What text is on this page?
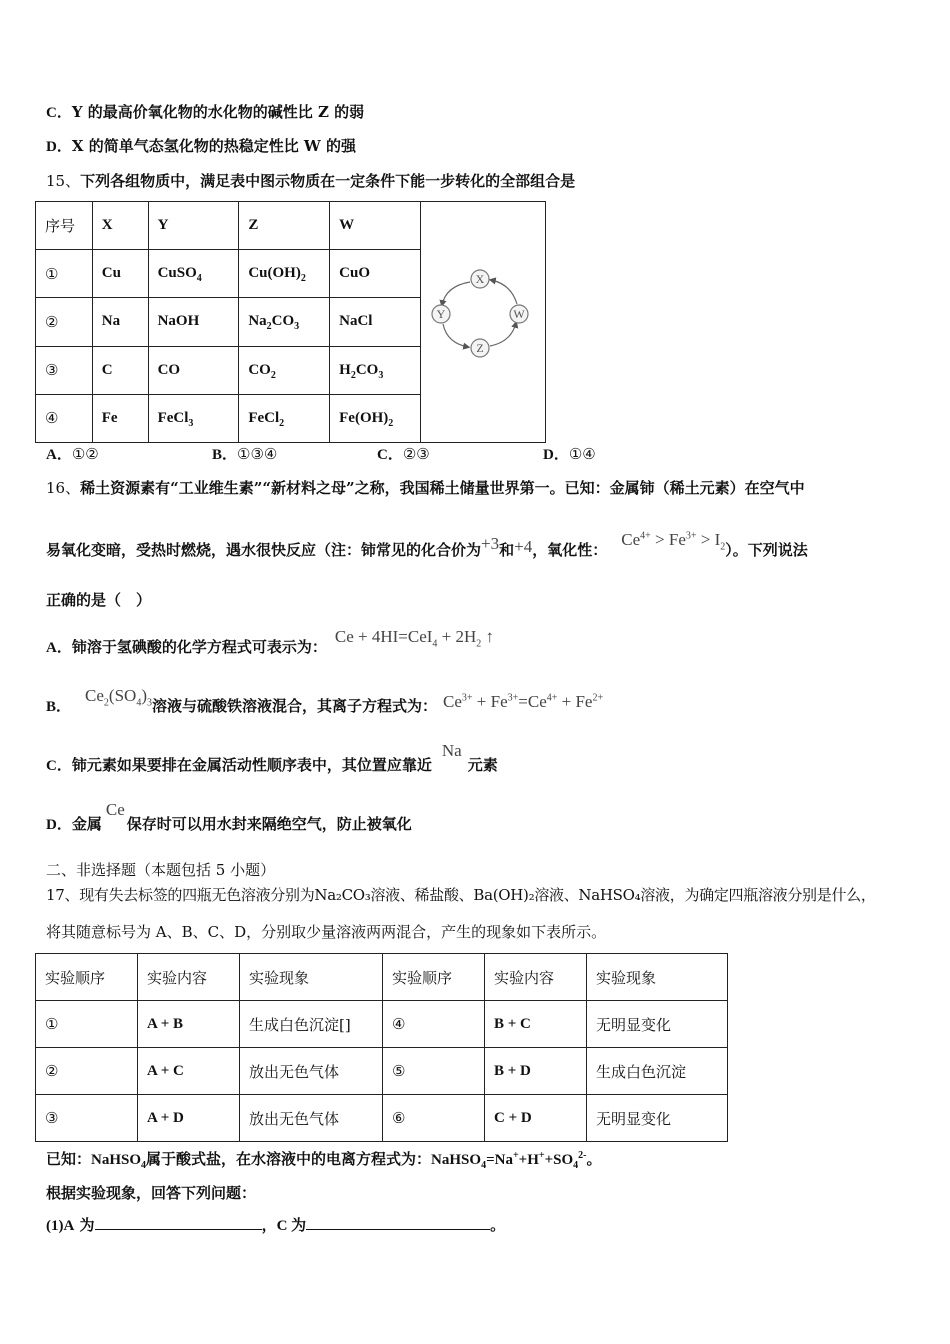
C．Y 的最高价氧化物的水化物的碱性比 Z 的弱
D．X 的简单气态氢化物的热稳定性比 W 的强
15、下列各组物质中，满足表中图示物质在一定条件下能一步转化的全部组合是
序号	X	Y	Z	W	X
Y W
Z

①	Cu	CuSO$_4$	$Cu(OH)_2$	CuO	
②	Na	NaOH	$Na_2CO_3$	NaCl	
③	C	CO	$CO_2$	$H_2CO_3$
④	Fe	FeCl$_3$	FeCl$_2$	$Fe(OH)_2$
A．①②	B．①③④	C．②③	D．①④
16、稀土资源素有“工业维生素”“新材料之母”之称，我国稀土储量世界第一。已知：金属铈（稀土元素）在空气中
易氧化变暗，受热时燃烧，遇水很快反应（注：铈常见的化合价为+3和+4，氧化性：$Ce^{4+} > Fe^{3+} > I_2$）。下列说法
正确的是（　）
A．铈溶于氢碘酸的化学方程式可表示为：$Ce + 4HI=CeI_4 + 2H_2$ ↑
B．$Ce_2(SO_4)_3$溶液与硫酸铁溶液混合，其离子方程式为： $Ce^{3+} + Fe^{3+}=Ce^{4+} + Fe^{2+}$
C．铈元素如果要排在金属活动性顺序表中，其位置应靠近Na元素
D．金属Ce保存时可以用水封来隔绝空气，防止被氧化
二、非选择题（本题包括 5 小题）
17、现有失去标签的四瓶无色溶液分别为Na₂CO₃溶液、稀盐酸、Ba(OH)₂溶液、NaHSO₄溶液，为确定四瓶溶液分别是什么，
将其随意标号为 A、B、C、D，分别取少量溶液两两混合，产生的现象如下表所示。
实验顺序	实验内容	实验现象	实验顺序	实验内容	实验现象
①	A + B	生成白色沉淀[]	④	B + C	无明显变化
②	A + C	放出无色气体	⑤	B + D	生成白色沉淀
③	A + D	放出无色气体	⑥	C + D	无明显变化
已知：NaHSO$_4$属于酸式盐，在水溶液中的电离方程式为：$NaHSO_4=Na^++H^++SO_4^{2-}$。
根据实验现象，回答下列问题：
(1)A 为	，C 为	。
